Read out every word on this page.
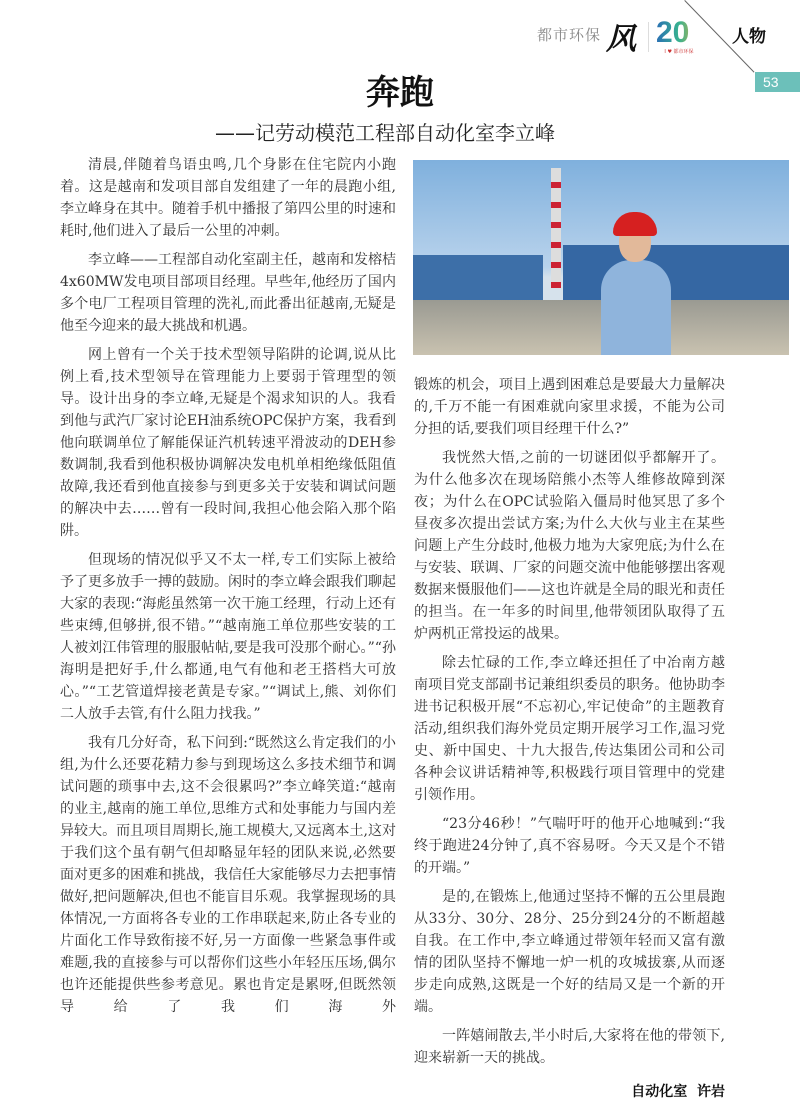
都市环保 风 20
I ♥ 都市环保
人物
53
奔跑
——记劳动模范工程部自动化室李立峰

清晨,伴随着鸟语虫鸣,几个身影在住宅院内小跑着。这是越南和发项目部自发组建了一年的晨跑小组,李立峰身在其中。随着手机中播报了第四公里的时速和耗时,他们进入了最后一公里的冲刺。

李立峰——工程部自动化室副主任，越南和发榕桔4x60MW发电项目部项目经理。早些年,他经历了国内多个电厂工程项目管理的洗礼,而此番出征越南,无疑是他至今迎来的最大挑战和机遇。

网上曾有一个关于技术型领导陷阱的论调,说从比例上看,技术型领导在管理能力上要弱于管理型的领导。设计出身的李立峰,无疑是个渴求知识的人。我看到他与武汽厂家讨论EH油系统OPC保护方案，我看到他向联调单位了解能保证汽机转速平滑波动的DEH参数调制,我看到他积极协调解决发电机单相绝缘低阻值故障,我还看到他直接参与到更多关于安装和调试问题的解决中去……曾有一段时间,我担心他会陷入那个陷阱。

但现场的情况似乎又不太一样,专工们实际上被给予了更多放手一搏的鼓励。闲时的李立峰会跟我们聊起大家的表现:“海彪虽然第一次干施工经理，行动上还有些束缚,但够拼,很不错。”“越南施工单位那些安装的工人被刘江伟管理的服服帖帖,要是我可没那个耐心。”“孙海明是把好手,什么都通,电气有他和老王搭档大可放心。”“工艺管道焊接老黄是专家。”“调试上,熊、刘你们二人放手去管,有什么阻力找我。”

我有几分好奇，私下问到:“既然这么肯定我们的小组,为什么还要花精力参与到现场这么多技术细节和调试问题的琐事中去,这不会很累吗?”李立峰笑道:“越南的业主,越南的施工单位,思维方式和处事能力与国内差异较大。而且项目周期长,施工规模大,又远离本土,这对于我们这个虽有朝气但却略显年轻的团队来说,必然要面对更多的困难和挑战，我信任大家能够尽力去把事情做好,把问题解决,但也不能盲目乐观。我掌握现场的具体情况,一方面将各专业的工作串联起来,防止各专业的片面化工作导致衔接不好,另一方面像一些紧急事件或难题,我的直接参与可以帮你们这些小年轻压压场,偶尔也许还能提供些参考意见。累也肯定是累呀,但既然领导给了我们海外

锻炼的机会，项目上遇到困难总是要最大力量解决的,千万不能一有困难就向家里求援，不能为公司分担的话,要我们项目经理干什么?”

我恍然大悟,之前的一切谜团似乎都解开了。为什么他多次在现场陪熊小杰等人维修故障到深夜；为什么在OPC试验陷入僵局时他冥思了多个昼夜多次提出尝试方案;为什么大伙与业主在某些问题上产生分歧时,他极力地为大家兜底;为什么在与安装、联调、厂家的问题交流中他能够摆出客观数据来慑服他们——这也许就是全局的眼光和责任的担当。在一年多的时间里,他带领团队取得了五炉两机正常投运的战果。

除去忙碌的工作,李立峰还担任了中冶南方越南项目党支部副书记兼组织委员的职务。他协助李进书记积极开展“不忘初心,牢记使命”的主题教育活动,组织我们海外党员定期开展学习工作,温习党史、新中国史、十九大报告,传达集团公司和公司各种会议讲话精神等,积极践行项目管理中的党建引领作用。

“23分46秒！”气喘吁吁的他开心地喊到:“我终于跑进24分钟了,真不容易呀。今天又是个不错的开端。”

是的,在锻炼上,他通过坚持不懈的五公里晨跑从33分、30分、28分、25分到24分的不断超越自我。在工作中,李立峰通过带领年轻而又富有激情的团队坚持不懈地一炉一机的攻城拔寨,从而逐步走向成熟,这既是一个好的结局又是一个新的开端。

一阵嬉闹散去,半小时后,大家将在他的带领下,迎来崭新一天的挑战。

自动化室  许岩
